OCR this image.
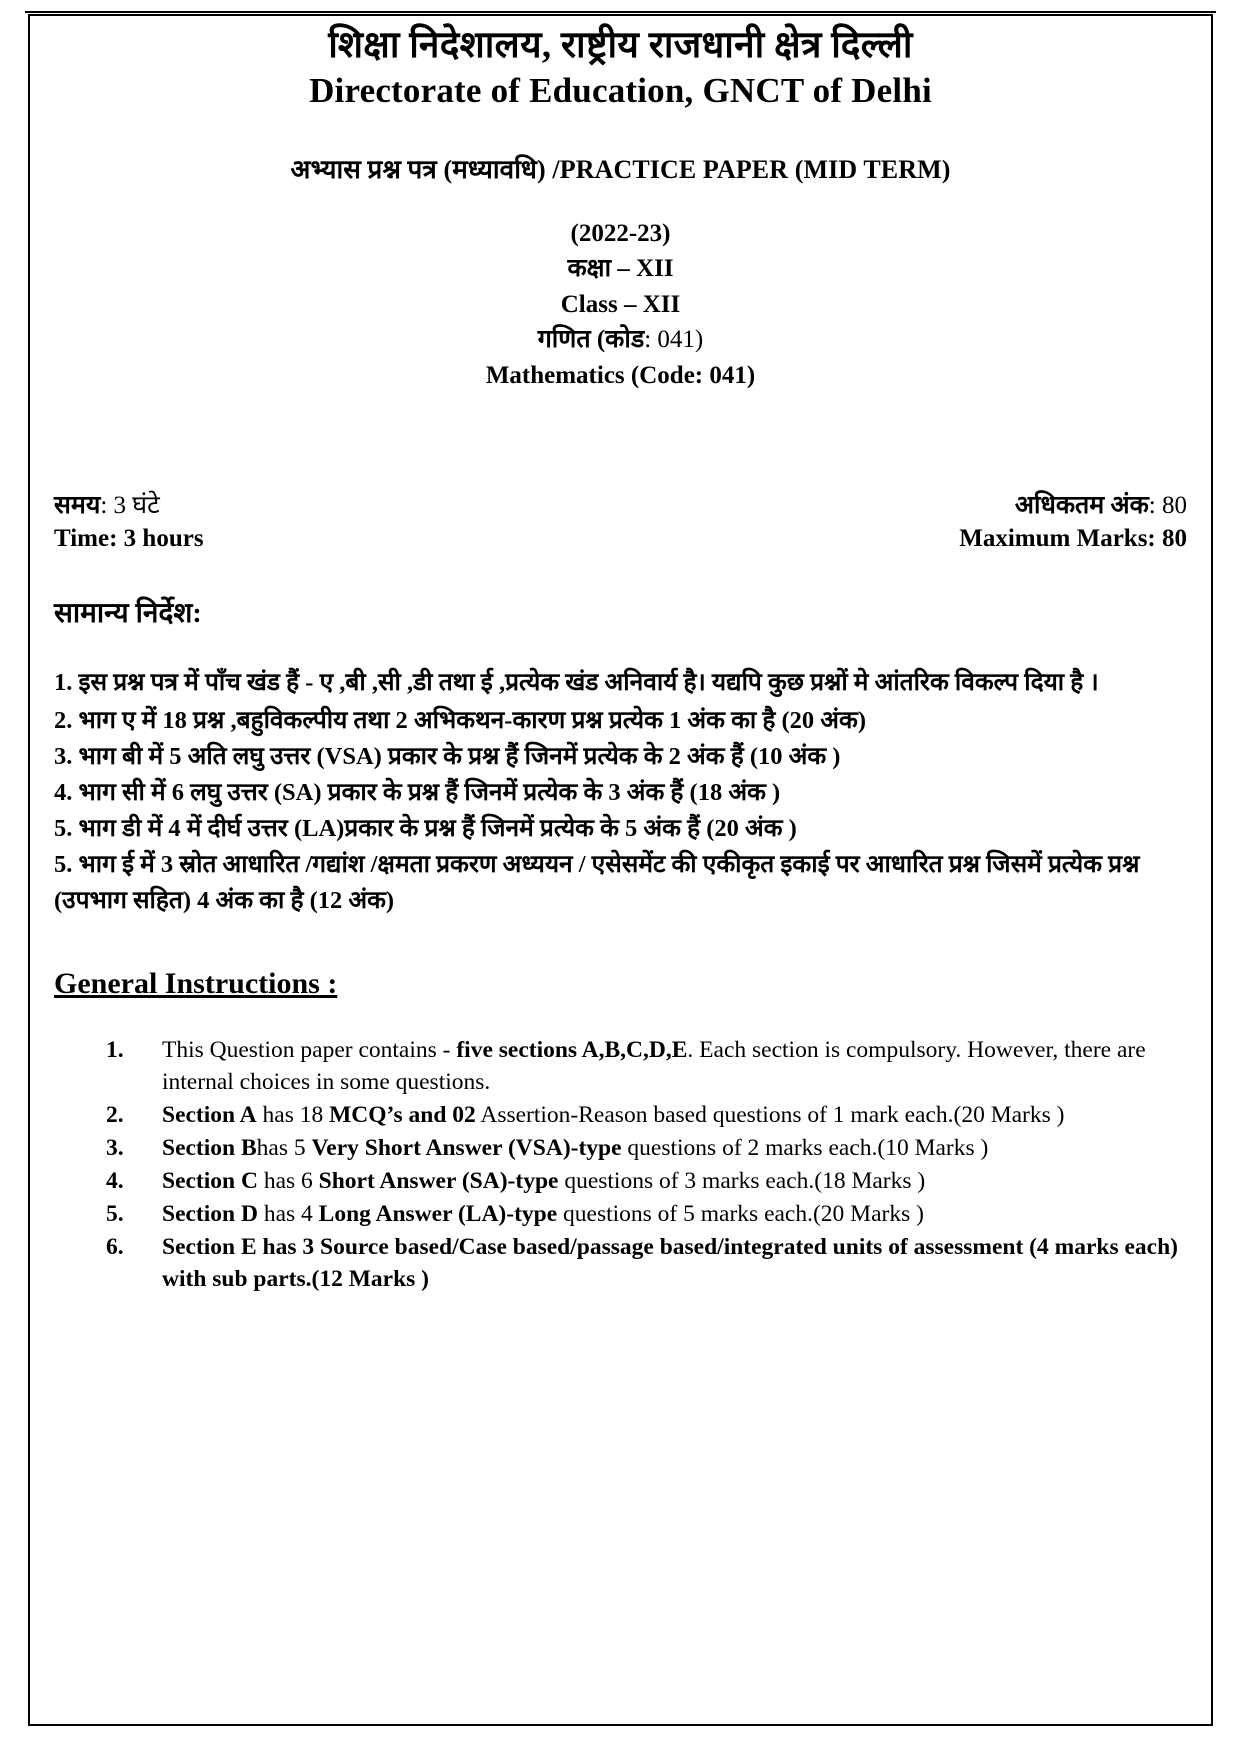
शिक्षा निदेशालय, राष्ट्रीय राजधानी क्षेत्र दिल्ली
Directorate of Education, GNCT of Delhi
अभ्यास प्रश्न पत्र (मध्यावधि) /PRACTICE PAPER (MID TERM)
(2022-23)
कक्षा – XII
Class – XII
गणित (कोड: 041)
Mathematics (Code: 041)
समय: 3 घंटे
Time: 3 hours
अधिकतम अंक: 80
Maximum Marks: 80
सामान्य निर्देश:
1. इस प्रश्न पत्र में पाँच खंड हैं - ए ,बी ,सी ,डी तथा ई ,प्रत्येक खंड अनिवार्य है। यद्यपि कुछ प्रश्नों मे आंतरिक विकल्प दिया है ।
2. भाग ए में 18 प्रश्न ,बहुविकल्पीय तथा 2 अभिकथन-कारण प्रश्न प्रत्येक 1 अंक का है (20 अंक)
3. भाग बी में 5 अति लघु उत्तर (VSA) प्रकार के प्रश्न हैं जिनमें प्रत्येक के 2 अंक हैं (10 अंक )
4. भाग सी में 6 लघु उत्तर (SA) प्रकार के प्रश्न हैं जिनमें प्रत्येक के 3 अंक हैं (18 अंक )
5. भाग डी में 4 में दीर्घ उत्तर (LA)प्रकार के प्रश्न हैं जिनमें प्रत्येक के 5 अंक हैं (20 अंक )
5. भाग ई में 3 स्रोत आधारित /गद्यांश /क्षमता प्रकरण अध्ययन / एसेसमेंट की एकीकृत इकाई पर आधारित प्रश्न जिसमें प्रत्येक प्रश्न (उपभाग सहित) 4 अंक का है (12 अंक)
General Instructions :
1.	This Question paper contains - five sections A,B,C,D,E. Each section is compulsory. However, there are internal choices in some questions.
2.	Section A has 18 MCQ’s and 02 Assertion-Reason based questions of 1 mark each.(20 Marks )
3.	Section Bhas 5 Very Short Answer (VSA)-type questions of 2 marks each.(10 Marks )
4.	Section C has 6 Short Answer (SA)-type questions of 3 marks each.(18 Marks )
5.	Section D has 4 Long Answer (LA)-type questions of 5 marks each.(20 Marks )
6.	Section E has 3 Source based/Case based/passage based/integrated units of assessment (4 marks each) with sub parts.(12 Marks )
